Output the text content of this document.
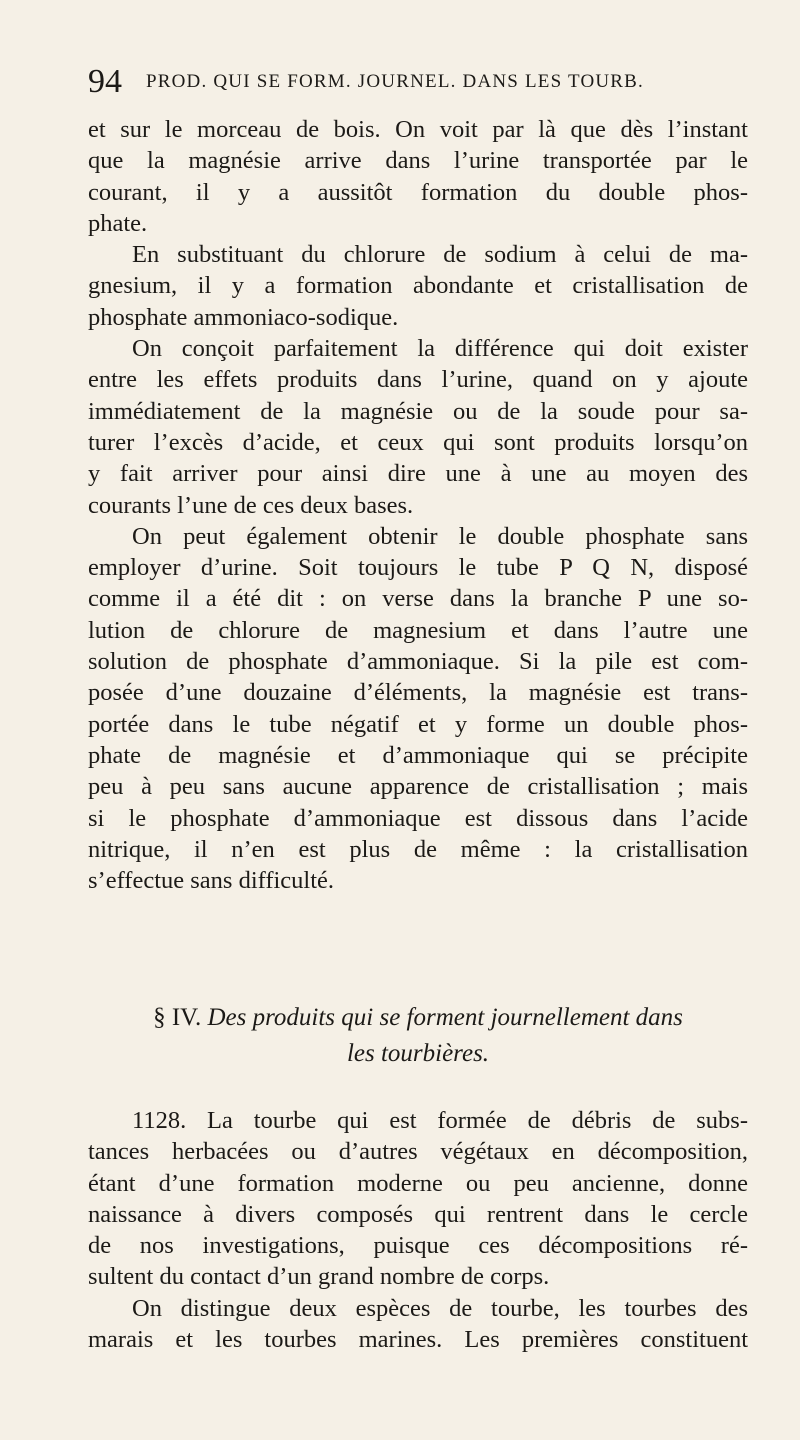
94 PROD. QUI SE FORM. JOURNEL. DANS LES TOURB.
et sur le morceau de bois. On voit par là que dès l’instant
que la magnésie arrive dans l’urine transportée par le
courant, il y a aussitôt formation du double phos-
phate.
En substituant du chlorure de sodium à celui de ma-
gnesium, il y a formation abondante et cristallisation de
phosphate ammoniaco-sodique.
On conçoit parfaitement la différence qui doit exister
entre les effets produits dans l’urine, quand on y ajoute
immédiatement de la magnésie ou de la soude pour sa-
turer l’excès d’acide, et ceux qui sont produits lorsqu’on
y fait arriver pour ainsi dire une à une au moyen des
courants l’une de ces deux bases.
On peut également obtenir le double phosphate sans
employer d’urine. Soit toujours le tube P Q N, disposé
comme il a été dit : on verse dans la branche P une so-
lution de chlorure de magnesium et dans l’autre une
solution de phosphate d’ammoniaque. Si la pile est com-
posée d’une douzaine d’éléments, la magnésie est trans-
portée dans le tube négatif et y forme un double phos-
phate de magnésie et d’ammoniaque qui se précipite
peu à peu sans aucune apparence de cristallisation ; mais
si le phosphate d’ammoniaque est dissous dans l’acide
nitrique, il n’en est plus de même : la cristallisation
s’effectue sans difficulté.
§ IV. Des produits qui se forment journellement dans
les tourbières.
1128. La tourbe qui est formée de débris de subs-
tances herbacées ou d’autres végétaux en décomposition,
étant d’une formation moderne ou peu ancienne, donne
naissance à divers composés qui rentrent dans le cercle
de nos investigations, puisque ces décompositions ré-
sultent du contact d’un grand nombre de corps.
On distingue deux espèces de tourbe, les tourbes des
marais et les tourbes marines. Les premières constituent
